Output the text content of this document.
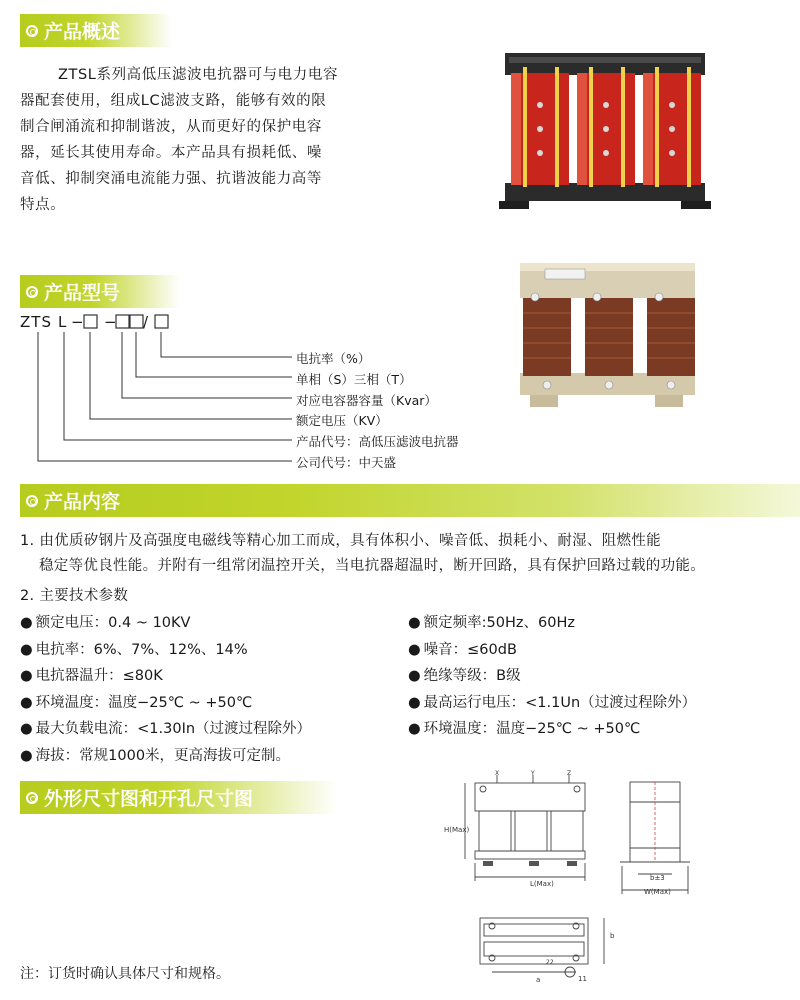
产品概述
ZTSL系列高低压滤波电抗器可与电力电容
器配套使用，组成LC滤波支路，能够有效的限
制合闸涌流和抑制谐波，从而更好的保护电容
器，延长其使用寿命。本产品具有损耗低、噪
音低、抑制突涌电流能力强、抗谐波能力高等
特点。
产品型号
ZTS L − − /
电抗率（%）
单相（S）三相（T）
对应电容器容量（Kvar）
额定电压（KV）
产品代号：高低压滤波电抗器
公司代号：中天盛
产品内容
1. 由优质矽钢片及高强度电磁线等精心加工而成，具有体积小、噪音低、损耗小、耐湿、阻燃性能
稳定等优良性能。并附有一组常闭温控开关，当电抗器超温时，断开回路，具有保护回路过载的功能。
2. 主要技术参数
● 额定电压：0.4 ~ 10KV
● 电抗率：6%、7%、12%、14%
● 电抗器温升：≤80K
● 环境温度：温度−25℃ ~ +50℃
● 最大负载电流：<1.30In（过渡过程除外）
● 海拔：常规1000米，更高海拔可定制。
● 额定频率:50Hz、60Hz
● 噪音：≤60dB
● 绝缘等级：B级
● 最高运行电压：<1.1Un（过渡过程除外）
● 环境温度：温度−25℃ ~ +50℃
外形尺寸图和开孔尺寸图
X	Y	Z
H(Max)
L(Max)
b±3
W(Max)
b
a	11
22
注：订货时确认具体尺寸和规格。
